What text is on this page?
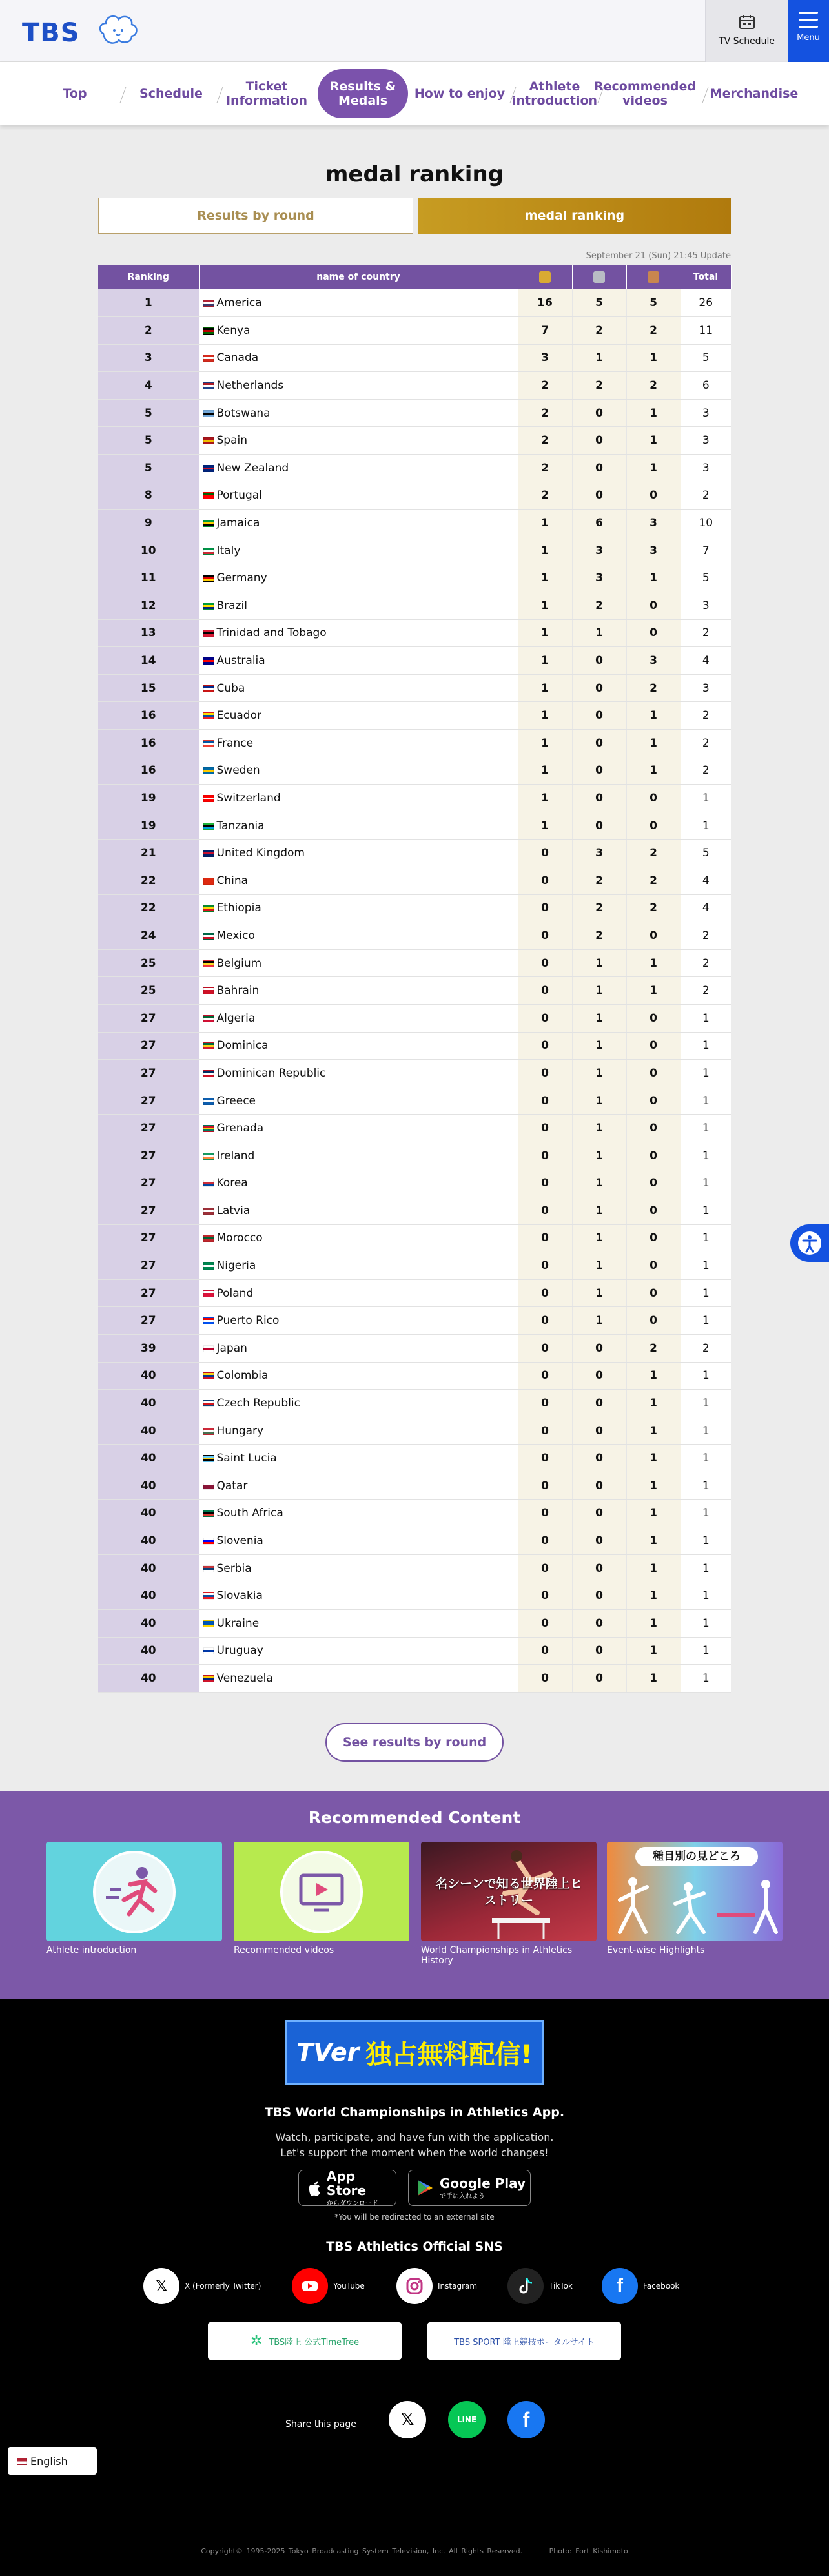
TBS	TV Schedule	Menu
Top	Schedule	Ticket Information
Results & Medals	How to enjoy	Athlete introduction
Recommended videos	Merchandise
medal ranking
Results by round	medal ranking
September 21 (Sun) 21:45 Update
Ranking	name of country				Total
1	America	16	5	5	26
2	Kenya	7	2	2	11
3	Canada	3	1	1	5
4	Netherlands	2	2	2	6
5	Botswana	2	0	1	3
5	Spain	2	0	1	3
5	New Zealand	2	0	1	3
8	Portugal	2	0	0	2
9	Jamaica	1	6	3	10
10	Italy	1	3	3	7
11	Germany	1	3	1	5
12	Brazil	1	2	0	3
13	Trinidad and Tobago	1	1	0	2
14	Australia	1	0	3	4
15	Cuba	1	0	2	3
16	Ecuador	1	0	1	2
16	France	1	0	1	2
16	Sweden	1	0	1	2
19	Switzerland	1	0	0	1
19	Tanzania	1	0	0	1
21	United Kingdom	0	3	2	5
22	China	0	2	2	4
22	Ethiopia	0	2	2	4
24	Mexico	0	2	0	2
25	Belgium	0	1	1	2
25	Bahrain	0	1	1	2
27	Algeria	0	1	0	1
27	Dominica	0	1	0	1
27	Dominican Republic	0	1	0	1
27	Greece	0	1	0	1
27	Grenada	0	1	0	1
27	Ireland	0	1	0	1
27	Korea	0	1	0	1
27	Latvia	0	1	0	1
27	Morocco	0	1	0	1
27	Nigeria	0	1	0	1
27	Poland	0	1	0	1
27	Puerto Rico	0	1	0	1
39	Japan	0	0	2	2
40	Colombia	0	0	1	1
40	Czech Republic	0	0	1	1
40	Hungary	0	0	1	1
40	Saint Lucia	0	0	1	1
40	Qatar	0	0	1	1
40	South Africa	0	0	1	1
40	Slovenia	0	0	1	1
40	Serbia	0	0	1	1
40	Slovakia	0	0	1	1
40	Ukraine	0	0	1	1
40	Uruguay	0	0	1	1
40	Venezuela	0	0	1	1
See results by round
Recommended Content
Athlete introduction	Recommended videos
名シーンで知る世界陸上ヒストリー
World Championships in Athletics History
種目別の見どころ
Event-wise Highlights
TVer 独占無料配信!
TBS World Championships in Athletics App.
Watch, participate, and have fun with the application.
Let's support the moment when the world changes!
App Store
からダウンロード
Google Play
で手に入れよう
*You will be redirected to an external site
TBS Athletics Official SNS
𝕏	X (Formerly Twitter)	YouTube	Instagram	TikTok	f	Facebook
✲ TBS陸上 公式TimeTree	TBS SPORT 陸上競技ポータルサイト
Share this page	𝕏	LINE	f
English
Copyright© 1995-2025 Tokyo Broadcasting System Television, Inc. All Rights Reserved.	Photo: Fort Kishimoto
